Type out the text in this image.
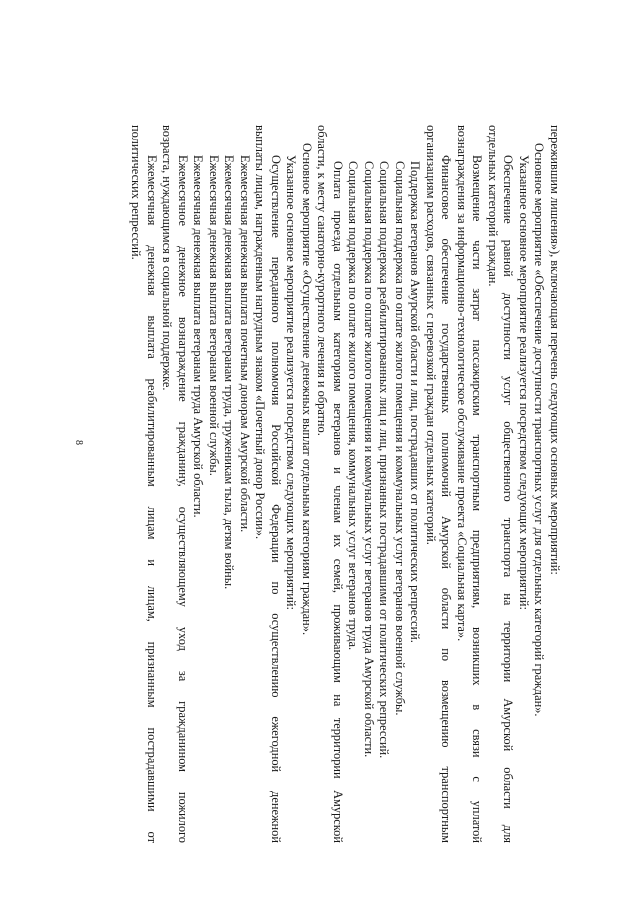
8	пережившим лишения»), включающая перечень следующих основных мероприятий:
Основное мероприятие «Обеспечение доступности транспортных услуг для отдельных категорий граждан».
Указанное основное мероприятие реализуется посредством следующих мероприятий:
Обеспечение равной доступности услуг общественного транспорта на территории Амурской области для
отдельных категорий граждан.
Возмещение части затрат пассажирским транспортным предприятиям, возникших в связи с уплатой
вознаграждения за информационно-технологическое обслуживание проекта «Социальная карта».
Финансовое обеспечение государственных полномочий Амурской области по возмещению транспортным
организациям расходов, связанных с перевозкой граждан отдельных категорий.
Поддержка ветеранов Амурской области и лиц, пострадавших от политических репрессий.
Социальная поддержка по оплате жилого помещения и коммунальных услуг ветеранов военной службы.
Социальная поддержка реабилитированных лиц и лиц, признанных пострадавшими от политических репрессий.
Социальная поддержка по оплате жилого помещения и коммунальных услуг ветеранов труда Амурской области.
Социальная поддержка по оплате жилого помещения, коммунальных услуг ветеранов труда.
Оплата проезда отдельным категориям ветеранов и членам их семей, проживающим на территории Амурской
области, к месту санаторно-курортного лечения и обратно.
Основное мероприятие «Осуществление денежных выплат отдельным категориям граждан».
Указанное основное мероприятие реализуется посредством следующих мероприятий:
Осуществление переданного полномочия Российской Федерации по осуществлению ежегодной денежной
выплаты лицам, награжденным нагрудным знаком «Почетный донор России».
Ежемесячная денежная выплата почетным донорам Амурской области.
Ежемесячная денежная выплата ветеранам труда, труженикам тыла, детям войны.
Ежемесячная денежная выплата ветеранам военной службы.
Ежемесячная денежная выплата ветеранам труда Амурской области.
Ежемесячное денежное вознаграждение гражданину, осуществляющему уход за гражданином пожилого
возраста, нуждающимся в социальной поддержке.
Ежемесячная денежная выплата реабилитированным лицам и лицам, признанным пострадавшими от
политических репрессий.
